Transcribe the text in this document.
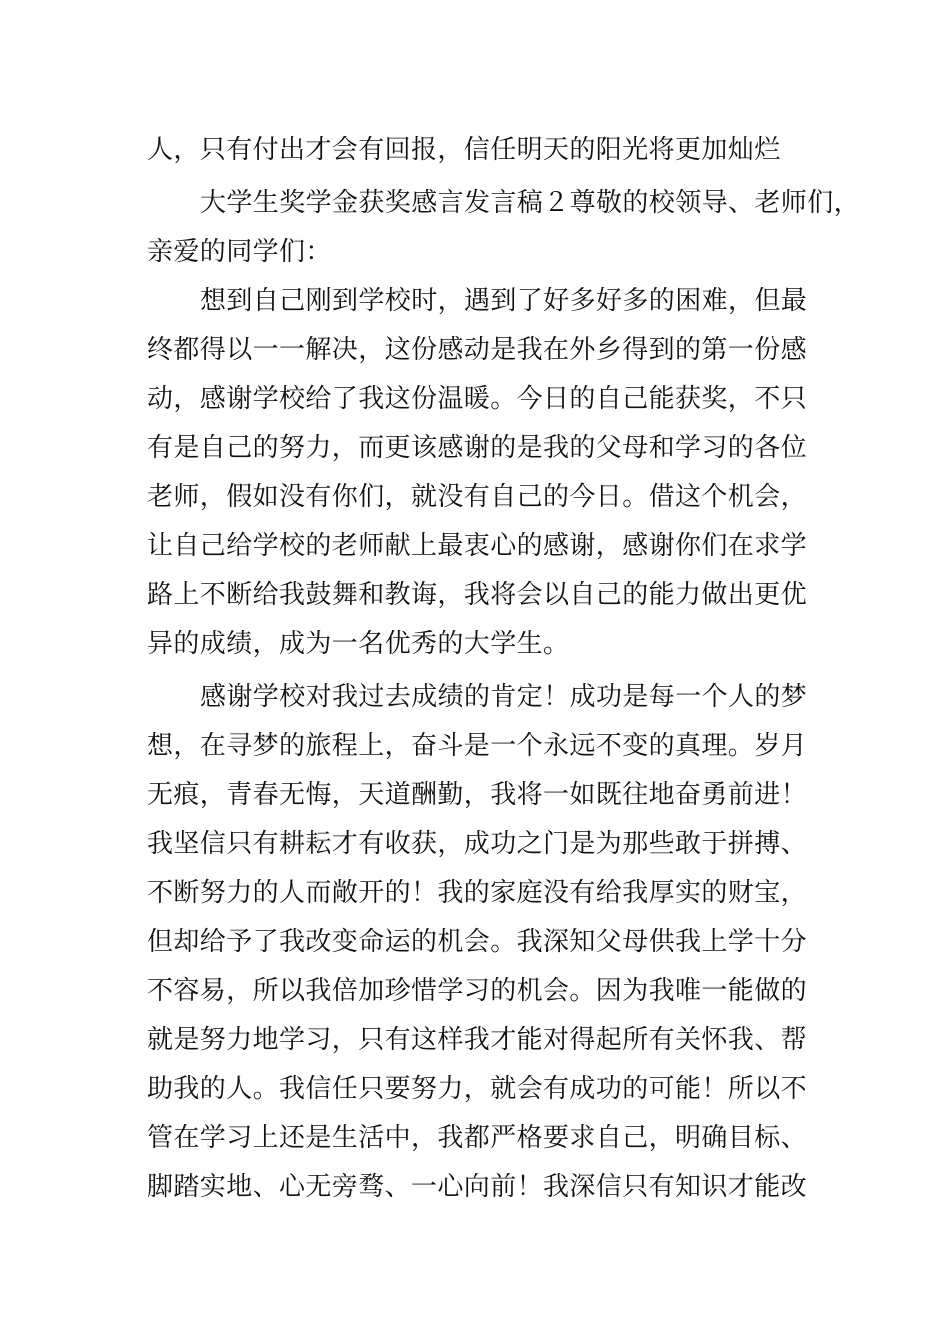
人，只有付出才会有回报，信任明天的阳光将更加灿烂
大学生奖学金获奖感言发言稿２尊敬的校领导、老师们，
亲爱的同学们：
想到自己刚到学校时，遇到了好多好多的困难，但最
终都得以一一解决，这份感动是我在外乡得到的第一份感
动，感谢学校给了我这份温暖。今日的自己能获奖，不只
有是自己的努力，而更该感谢的是我的父母和学习的各位
老师，假如没有你们，就没有自己的今日。借这个机会，
让自己给学校的老师献上最衷心的感谢，感谢你们在求学
路上不断给我鼓舞和教诲，我将会以自己的能力做出更优
异的成绩，成为一名优秀的大学生。
感谢学校对我过去成绩的肯定！成功是每一个人的梦
想，在寻梦的旅程上，奋斗是一个永远不变的真理。岁月
无痕，青春无悔，天道酬勤，我将一如既往地奋勇前进！
我坚信只有耕耘才有收获，成功之门是为那些敢于拼搏、
不断努力的人而敞开的！我的家庭没有给我厚实的财宝，
但却给予了我改变命运的机会。我深知父母供我上学十分
不容易，所以我倍加珍惜学习的机会。因为我唯一能做的
就是努力地学习，只有这样我才能对得起所有关怀我、帮
助我的人。我信任只要努力，就会有成功的可能！所以不
管在学习上还是生活中，我都严格要求自己，明确目标、
脚踏实地、心无旁骛、一心向前！我深信只有知识才能改
